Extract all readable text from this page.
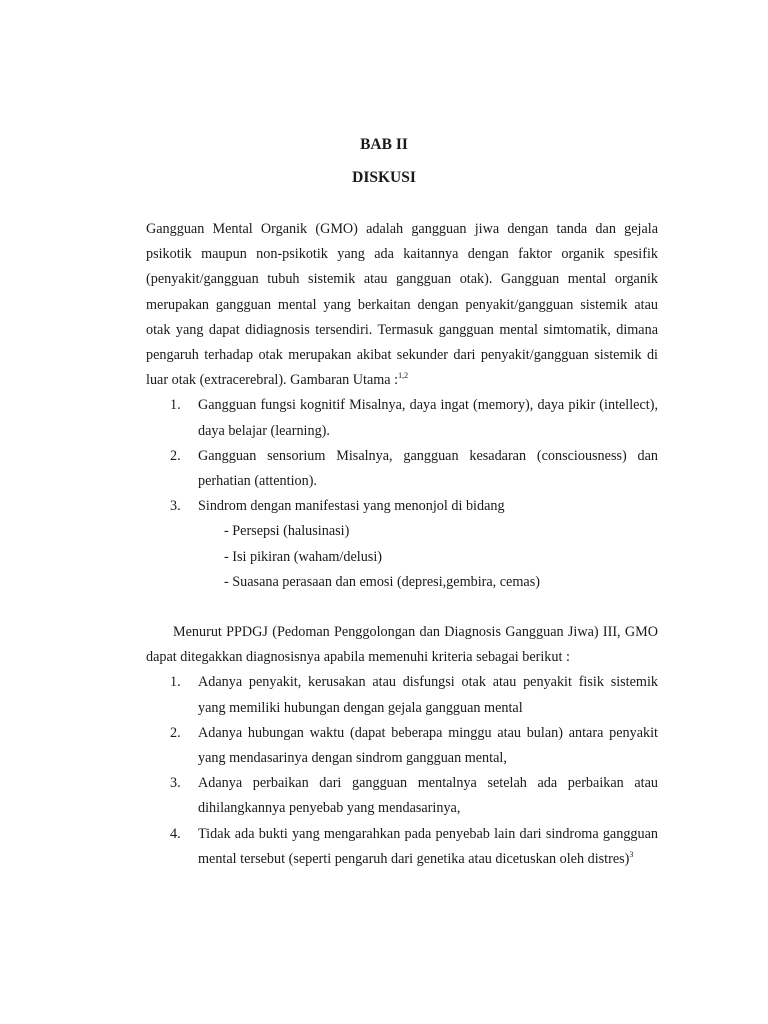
BAB II
DISKUSI

Gangguan Mental Organik (GMO) adalah gangguan jiwa dengan tanda dan gejala psikotik maupun non-psikotik yang ada kaitannya dengan faktor organik spesifik (penyakit/gangguan tubuh sistemik atau gangguan otak). Gangguan mental organik merupakan gangguan mental yang berkaitan dengan penyakit/gangguan sistemik atau otak yang dapat didiagnosis tersendiri. Termasuk gangguan mental simtomatik, dimana pengaruh terhadap otak merupakan akibat sekunder dari penyakit/gangguan sistemik di luar otak (extracerebral). Gambaran Utama :$^{1,2}$

1. Gangguan fungsi kognitif Misalnya, daya ingat (memory), daya pikir (intellect), daya belajar (learning).
2. Gangguan sensorium Misalnya, gangguan kesadaran (consciousness) dan perhatian (attention).
3. Sindrom dengan manifestasi yang menonjol di bidang
- Persepsi (halusinasi)
- Isi pikiran (waham/delusi)
- Suasana perasaan dan emosi (depresi,gembira, cemas)

Menurut PPDGJ (Pedoman Penggolongan dan Diagnosis Gangguan Jiwa) III, GMO dapat ditegakkan diagnosisnya apabila memenuhi kriteria sebagai berikut :

1. Adanya penyakit, kerusakan atau disfungsi otak atau penyakit fisik sistemik yang memiliki hubungan dengan gejala gangguan mental
2. Adanya hubungan waktu (dapat beberapa minggu atau bulan) antara penyakit yang mendasarinya dengan sindrom gangguan mental,
3. Adanya perbaikan dari gangguan mentalnya setelah ada perbaikan atau dihilangkannya penyebab yang mendasarinya,
4. Tidak ada bukti yang mengarahkan pada penyebab lain dari sindroma gangguan mental tersebut (seperti pengaruh dari genetika atau dicetuskan oleh distres)$^3$
